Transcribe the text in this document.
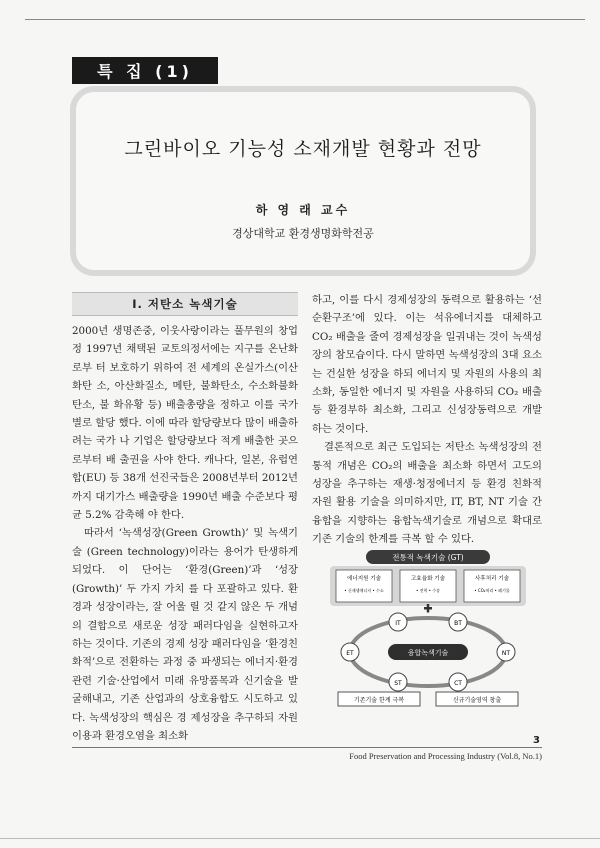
특 집 (1)
그린바이오 기능성 소재개발 현황과 전망
하 영 래 교수
경상대학교 환경생명화학전공
Ⅰ. 저탄소 녹색기술

2000년 생명존중, 이웃사랑이라는 풀무원의 창업정 1997년 채택된 교토의정서에는 지구를 온난화로부 터 보호하기 위하여 전 세계의 온실가스(이산화탄 소, 아산화질소, 메탄, 불화탄소, 수소화불화탄소, 불 화유황 등) 배출총량을 정하고 이를 국가별로 할당 했다. 이에 따라 할당량보다 많이 배출하려는 국가 나 기업은 할당량보다 적게 배출한 곳으로부터 배 출권을 사야 한다. 캐나다, 일본, 유럽연합(EU) 등 38개 선진국들은 2008년부터 2012년까지 대기가스 배출량을 1990년 배출 수준보다 평균 5.2% 감축해 야 한다.

따라서 ‘녹색성장(Green Growth)’ 및 녹색기술 (Green technology)이라는 용어가 탄생하게 되었다. 이 단어는 ‘환경(Green)’과 ‘성장(Growth)’ 두 가지 가치 를 다 포괄하고 있다. 환경과 성장이라는, 잘 어울 릴 것 같지 않은 두 개념의 결합으로 새로운 성장 패러다임을 실현하고자 하는 것이다. 기존의 경제 성장 패러다임을 ‘환경친화적’으로 전환하는 과정 중 파생되는 에너지·환경 관련 기술·산업에서 미래 유망품목과 신기술을 발굴해내고, 기존 산업과의 상호융합도 시도하고 있다. 녹색성장의 핵심은 경 제성장을 추구하되 자원이용과 환경오염을 최소화

하고, 이를 다시 경제성장의 동력으로 활용하는 ‘선 순환구조’에 있다. 이는 석유에너지를 대체하고 CO₂ 배출을 줄여 경제성장을 일궈내는 것이 녹색성 장의 참모습이다. 다시 말하면 녹색성장의 3대 요소 는 건실한 성장을 하되 에너지 및 자원의 사용의 최 소화, 동일한 에너지 및 자원을 사용하되 CO₂ 배출 등 환경부하 최소화, 그리고 신성장동력으로 개발 하는 것이다.

결론적으로 최근 도입되는 저탄소 녹색성장의 전 통적 개념은 CO₂의 배출을 최소화 하면서 고도의 성장을 추구하는 재생·청정에너지 등 환경 친화적 자원 활용 기술을 의미하지만, IT, BT, NT 기술 간 융합을 지향하는 융합녹색기술로 개념으로 확대로 기존 기술의 한계를 극복 할 수 있다.

전통적 녹색기술 (GT)
에너지원 기술
• 신재생에너지 • 수소
고효율화 기술
• 전력 • 수송
사후처리 기술
• CO₂처리 • 폐기물
융합녹색기술
IT	BT
NT
CT
ST
ET
기존기술 한계 극복	신규기술영역 창출
3
Food Preservation and Processing Industry (Vol.8, No.1)
